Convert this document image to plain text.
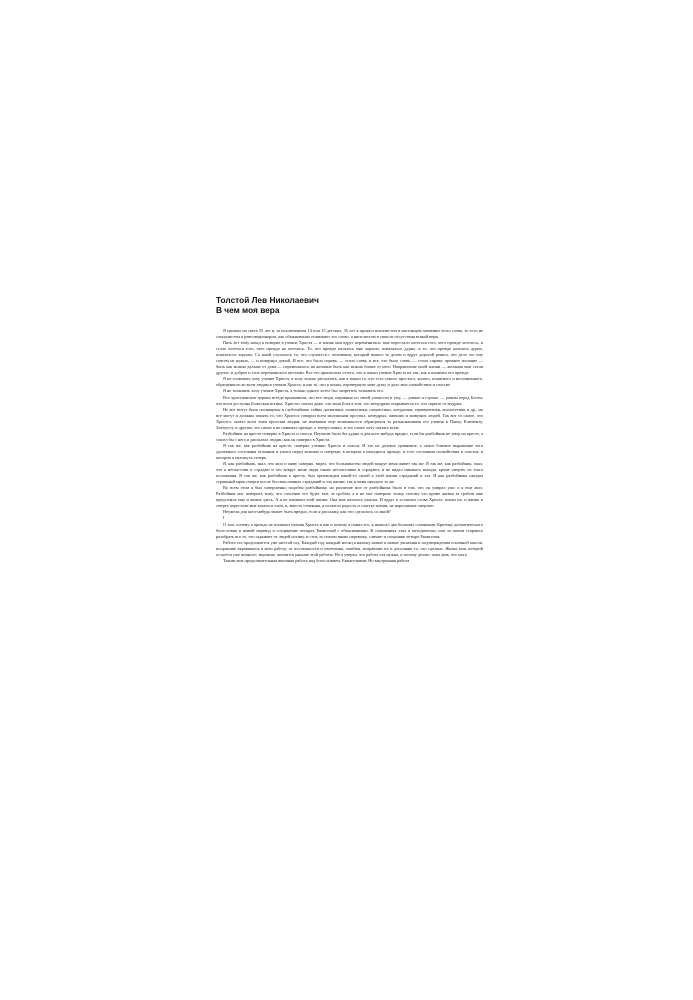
Толстой Лев Николаевич
В чем моя вера

Я прожил на свете 55 лет и, за исключением 14 или 15 детских, 35 лет я прожил нигилистом в настоящем значении этого слова, то есть не социалистом и революционером, как обыкновенно понимают это слово, а нигилистом в смысле отсутствия всякой веры.

Пять лет тому назад я поверил в учение Христа — и жизнь моя вдруг переменилась: мне перестало хотеться того, чего прежде хотелось, и стало хотеться того, чего прежде не хотелось. То, что прежде казалось мне хорошо, показалось дурно, и то, что прежде казалось дурно, показалось хорошо. Со мной случилось то, что случается с человеком, который вышел за делом и вдруг дорогой решил, что дело это ему совсем не нужно, — и повернул домой. И все, что было справа, — стало слева, и все, что было слева, — стало справа: прежнее желание — быть как можно дальше от дома — переменилось на желание быть как можно ближе от него. Направление моей жизни — желания мои стали другие: и доброе и злое переменилось местами. Все это произошло оттого, что я понял учение Христа не так, как я понимал его прежде.

Я не толковать хочу учение Христа, я хочу только рассказать, как я понял то, что есть самого простого, ясного, понятного и несомненного, обращенного ко всем людям в учении Христа, и как то, что я понял, перевернуло мою душу и дало мне спокойствие и счастие.

Я не толковать хочу учение Христа, а только одного хотел бы: запретить толковать его.

Все христианские церкви всегда признавали, что все люди, неравные по своей учености и уму, — умные и глупые, — равны перед Богом, что всем доступна Божеская истина. Христос сказал даже, что воля Бога в том, что немудрым открывается то, что скрыто от мудрых.

Не все могут быть посвящены в глубочайшие тайны догматики, гомилетики, патристики, литургики, герменевтики, апологетики и др., но все могут и должны понять то, что Христос говорил всем миллионам простых, немудрых, живших и живущих людей. Так вот то самое, что Христос сказал всем этим простым людям, не имевшим еще возможности обращаться за разъяснениями его учения к Павлу, Клименту, Златоусту и другим, это самое я не понимал прежде, а теперь понял, и это самое хочу сказать всем.

Разбойник на кресте поверил в Христа и спасся. Неужели было бы дурно и для кого-нибудь вредно, если бы разбойник не умер на кресте, а сошел бы с него и рассказал людям, как он поверил в Христа.

Я так же, как разбойник на кресте, поверил учению Христа и спасся. И это не далекое сравнение, а самое близкое выражение того душевного состояния отчаяния и ужаса перед жизнью и смертью, в котором я находился прежде, и того состояния спокойствия и счастья, в котором я нахожусь теперь.

Я, как разбойник, знал, что жил и живу скверно, видел, что большинство людей вокруг меня живет так же. Я так же, как разбойник, знал, что я несчастлив и страдаю и что вокруг меня люди также несчастливы и страдают, и не видал никакого выхода, кроме смерти, из этого положения. Я так же, как разбойник к кресту, был пригвожден какой-то силой к этой жизни страданий и зла. И как разбойника ожидал страшный мрак смерти после бессмысленных страданий и зла жизни, так и меня ожидало то же.

Во всем этом я был совершенно подобен разбойнику, но различие мое от разбойника было в том, что он умирал уже, а я еще жил. Разбойник мог поверить тому, что спасение его будет там, за гробом, а я не мог поверить этому, потому что кроме жизни за гробом мне предстояла еще и жизнь здесь. А я не понимал этой жизни. Она мне казалась ужасна. И вдруг я услышал слова Христа, понял их, и жизнь и смерть перестали мне казаться злом, и, вместо отчаяния, я испытал радость и счастье жизни, не нарушимые смертью.

Неужели для кого-нибудь может быть вредно, если я расскажу, как это сделалось со мной?

I

О том, почему я прежде не понимал учения Христа и как и почему я понял его, я написал два больших сочинения: Критику догматического богословия и новый перевод и соединение четырех Евангелий с объяснениями. В сочинениях этих я методически, шаг за шагом стараюсь разобрать все то, что скрывает от людей истину, и стих за стихом вновь перевожу, сличаю и соединяю четыре Евангелия.

Работа эта продолжается уже шестой год. Каждый год, каждый месяц я нахожу новые и новые уяснения и подтверждения основной мысли, исправляю вкравшиеся в мою работу, от поспешности и увлечения, ошибки, исправляю их и дополняю то, что сделано. Жизнь моя, которой остается уже немного, вероятно, кончится раньше этой работы. Но я уверен, что работа эта нужна, и потому делаю, пока жив, что могу.

Такова моя продолжительная внешняя работа над богословием, Евангелиями. Но внутренняя работа
